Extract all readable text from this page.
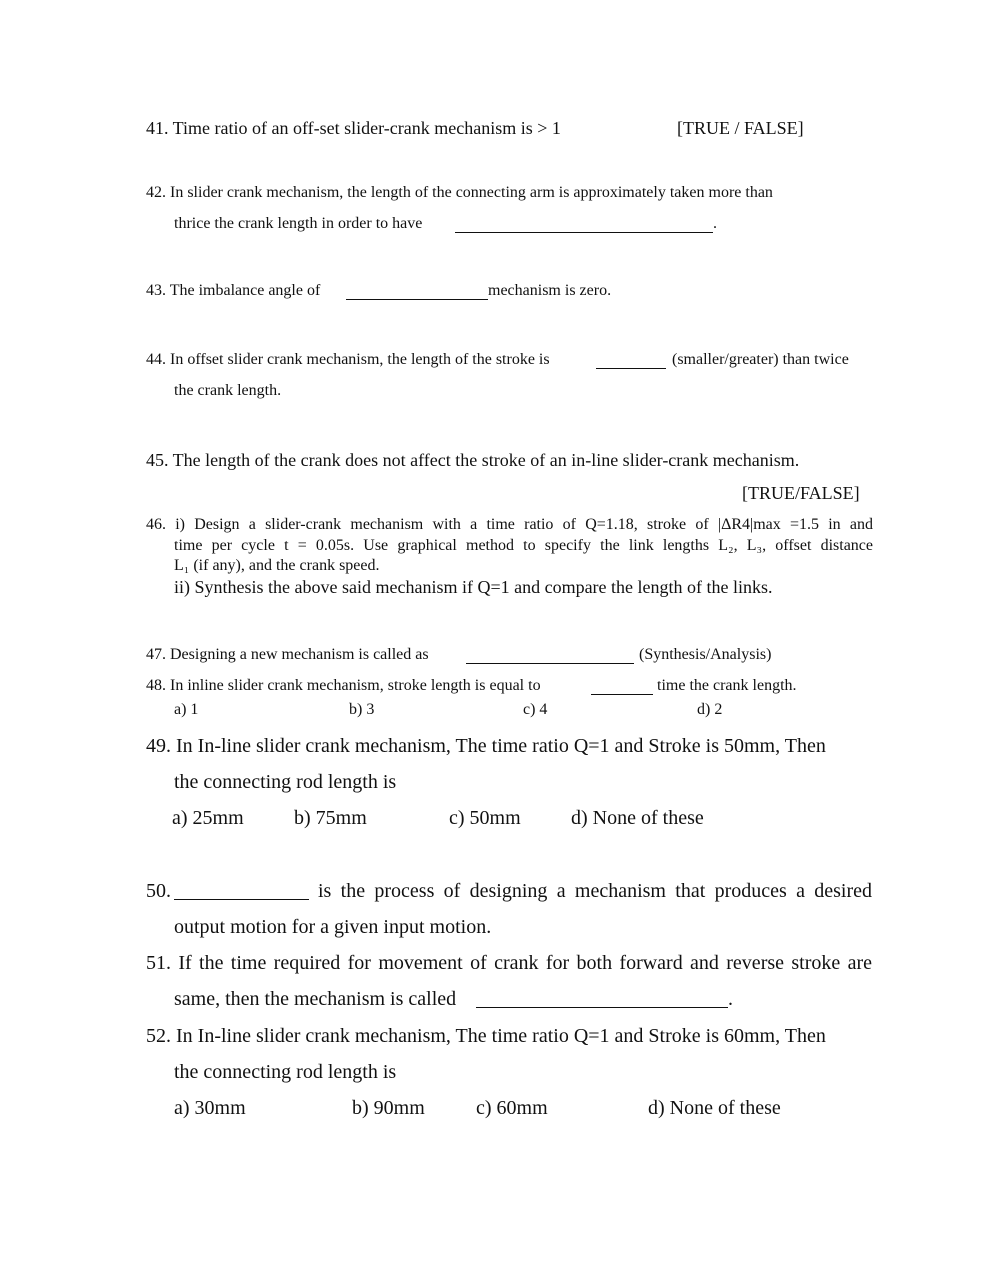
41. Time ratio of an off-set slider-crank mechanism is > 1	[TRUE / FALSE]
42. In slider crank mechanism, the length of the connecting arm is approximately taken more than
thrice the crank length in order to have	.
43. The imbalance angle of	mechanism is zero.
44. In offset slider crank mechanism, the length of the stroke is	(smaller/greater) than twice
the crank length.
45. The length of the crank does not affect the stroke of an in-line slider-crank mechanism.
[TRUE/FALSE]
46. i) Design a slider-crank mechanism with a time ratio of Q=1.18, stroke of |ΔR4|max =1.5 in and
time per cycle t = 0.05s. Use graphical method to specify the link lengths L₂, L₃, offset distance
L₁ (if any), and the crank speed.
ii) Synthesis the above said mechanism if Q=1 and compare the length of the links.
47. Designing a new mechanism is called as	(Synthesis/Analysis)
48. In inline slider crank mechanism, stroke length is equal to	time the crank length.
a) 1	b) 3	c) 4	d) 2
49. In In-line slider crank mechanism, The time ratio Q=1 and Stroke is 50mm, Then
the connecting rod length is
a) 25mm	b) 75mm	c) 50mm	d) None of these
50.	is the process of designing a mechanism that produces a desired
output motion for a given input motion.
51. If the time required for movement of crank for both forward and reverse stroke are
same, then the mechanism is called	.
52. In In-line slider crank mechanism, The time ratio Q=1 and Stroke is 60mm, Then
the connecting rod length is
a) 30mm	b) 90mm	c) 60mm	d) None of these
